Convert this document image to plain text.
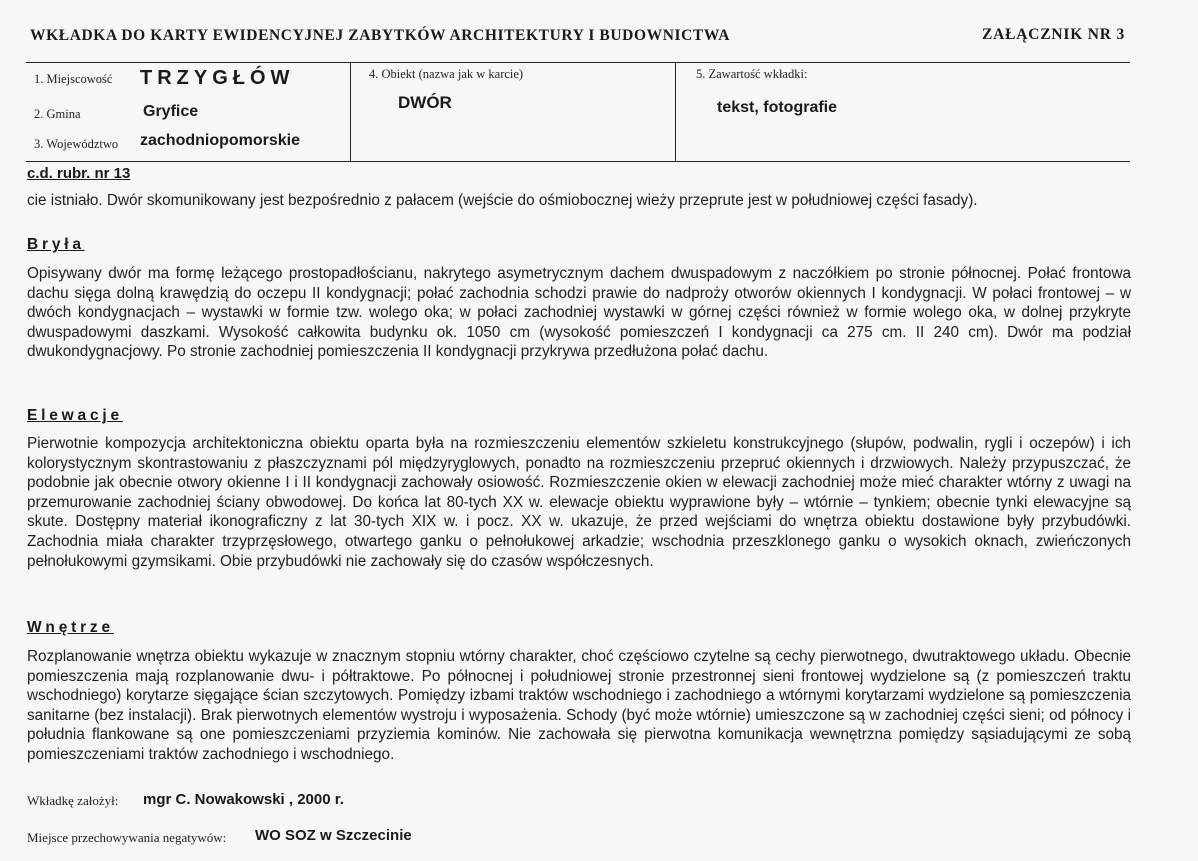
WKŁADKA DO KARTY EWIDENCYJNEJ ZABYTKÓW ARCHITEKTURY I BUDOWNICTWA	ZAŁĄCZNIK NR 3
1. Miejscowość TRZYGŁÓW
2. Gmina	Gryfice
3. Województwo zachodniopomorskie
4. Obiekt (nazwa jak w karcie)
DWÓR
5. Zawartość wkładki:
tekst, fotografie
c.d. rubr. nr 13
cie istniało. Dwór skomunikowany jest bezpośrednio z pałacem (wejście do ośmiobocznej wieży przeprute jest w południowej części fasady).
Bryła
Opisywany dwór ma formę leżącego prostopadłościanu, nakrytego asymetrycznym dachem dwuspadowym z naczółkiem po stronie północnej. Połać frontowa dachu sięga dolną krawędzią do oczepu II kondygnacji; połać zachodnia schodzi prawie do nadproży otworów okiennych I kondygnacji. W połaci frontowej – w dwóch kondygnacjach – wystawki w formie tzw. wolego oka; w połaci zachodniej wystawki w górnej części również w formie wolego oka, w dolnej przykryte dwuspadowymi daszkami. Wysokość całkowita budynku ok. 1050 cm (wysokość pomieszczeń I kondygnacji ca 275 cm. II 240 cm). Dwór ma podział dwukondygnacjowy. Po stronie zachodniej pomieszczenia II kondygnacji przykrywa przedłużona połać dachu.
Elewacje
Pierwotnie kompozycja architektoniczna obiektu oparta była na rozmieszczeniu elementów szkieletu konstrukcyjnego (słupów, podwalin, rygli i oczepów) i ich kolorystycznym skontrastowaniu z płaszczyznami pól międzyryglowych, ponadto na rozmieszczeniu przepruć okiennych i drzwiowych. Należy przypuszczać, że podobnie jak obecnie otwory okienne I i II kondygnacji zachowały osiowość. Rozmieszczenie okien w elewacji zachodniej może mieć charakter wtórny z uwagi na przemurowanie zachodniej ściany obwodowej. Do końca lat 80-tych XX w. elewacje obiektu wyprawione były – wtórnie – tynkiem; obecnie tynki elewacyjne są skute. Dostępny materiał ikonograficzny z lat 30-tych XIX w. i pocz. XX w. ukazuje, że przed wejściami do wnętrza obiektu dostawione były przybudówki. Zachodnia miała charakter trzyprzęsłowego, otwartego ganku o pełnołukowej arkadzie; wschodnia przeszklonego ganku o wysokich oknach, zwieńczonych pełnołukowymi gzymsikami. Obie przybudówki nie zachowały się do czasów współczesnych.
Wnętrze
Rozplanowanie wnętrza obiektu wykazuje w znacznym stopniu wtórny charakter, choć częściowo czytelne są cechy pierwotnego, dwutraktowego układu. Obecnie pomieszczenia mają rozplanowanie dwu- i półtraktowe. Po północnej i południowej stronie przestronnej sieni frontowej wydzielone są (z pomieszczeń traktu wschodniego) korytarze sięgające ścian szczytowych. Pomiędzy izbami traktów wschodniego i zachodniego a wtórnymi korytarzami wydzielone są pomieszczenia sanitarne (bez instalacji). Brak pierwotnych elementów wystroju i wyposażenia. Schody (być może wtórnie) umieszczone są w zachodniej części sieni; od północy i południa flankowane są one pomieszczeniami przyziemia kominów. Nie zachowała się pierwotna komunikacja wewnętrzna pomiędzy sąsiadującymi ze sobą pomieszczeniami traktów zachodniego i wschodniego.
Wkładkę założył: mgr C. Nowakowski , 2000 r.
Miejsce przechowywania negatywów: WO SOZ w Szczecinie
